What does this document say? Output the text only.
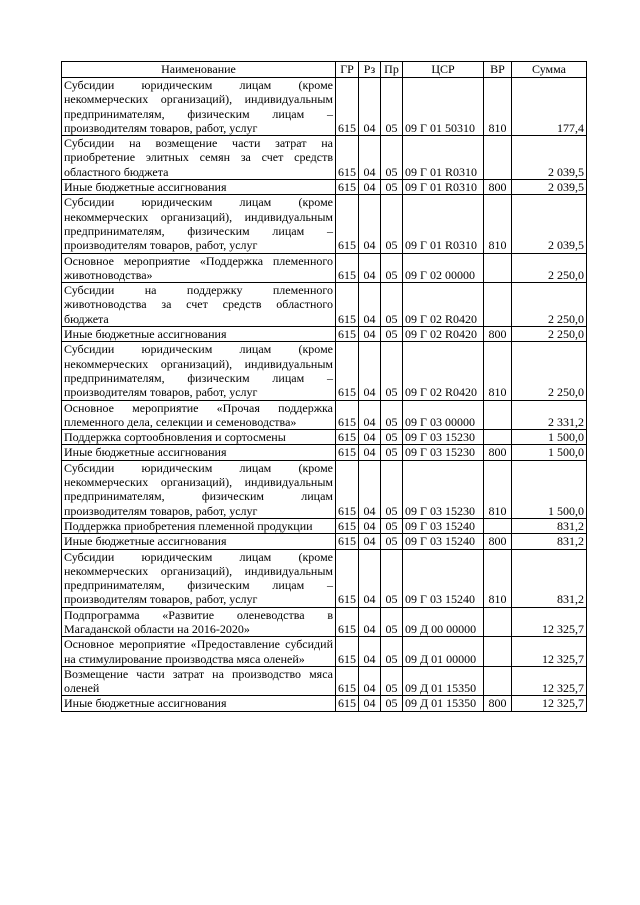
Наименование	ГР	Рз	Пр	ЦСР	ВР	Сумма
Субсидии юридическим лицам (кроме некоммерческих организаций), индивидуальным предпринимателям, физическим лицам – производителям товаров, работ, услуг	615	04	05	09 Г 01 50310	810	177,4
Субсидии на возмещение части затрат на приобретение элитных семян за счет средств областного бюджета	615	04	05	09 Г 01 R0310		2 039,5
Иные бюджетные ассигнования	615	04	05	09 Г 01 R0310	800	2 039,5
Субсидии юридическим лицам (кроме некоммерческих организаций), индивидуальным предпринимателям, физическим лицам – производителям товаров, работ, услуг	615	04	05	09 Г 01 R0310	810	2 039,5
Основное мероприятие «Поддержка племенного животноводства»	615	04	05	09 Г 02 00000		2 250,0
Субсидии на поддержку племенного животноводства за счет средств областного бюджета	615	04	05	09 Г 02 R0420		2 250,0
Иные бюджетные ассигнования	615	04	05	09 Г 02 R0420	800	2 250,0
Субсидии юридическим лицам (кроме некоммерческих организаций), индивидуальным предпринимателям, физическим лицам – производителям товаров, работ, услуг	615	04	05	09 Г 02 R0420	810	2 250,0
Основное мероприятие «Прочая поддержка племенного дела, селекции и семеноводства»	615	04	05	09 Г 03 00000		2 331,2
Поддержка сортообновления и сортосмены	615	04	05	09 Г 03 15230		1 500,0
Иные бюджетные ассигнования	615	04	05	09 Г 03 15230	800	1 500,0
Субсидии юридическим лицам (кроме некоммерческих организаций), индивидуальным предпринимателям, физическим лицам производителям товаров, работ, услуг	615	04	05	09 Г 03 15230	810	1 500,0
Поддержка приобретения племенной продукции	615	04	05	09 Г 03 15240		831,2
Иные бюджетные ассигнования	615	04	05	09 Г 03 15240	800	831,2
Субсидии юридическим лицам (кроме некоммерческих организаций), индивидуальным предпринимателям, физическим лицам – производителям товаров, работ, услуг	615	04	05	09 Г 03 15240	810	831,2
Подпрограмма «Развитие оленеводства в Магаданской области на 2016-2020»	615	04	05	09 Д 00 00000		12 325,7
Основное мероприятие «Предоставление субсидий на стимулирование производства мяса оленей»	615	04	05	09 Д 01 00000		12 325,7
Возмещение части затрат на производство мяса оленей	615	04	05	09 Д 01 15350		12 325,7
Иные бюджетные ассигнования	615	04	05	09 Д 01 15350	800	12 325,7
